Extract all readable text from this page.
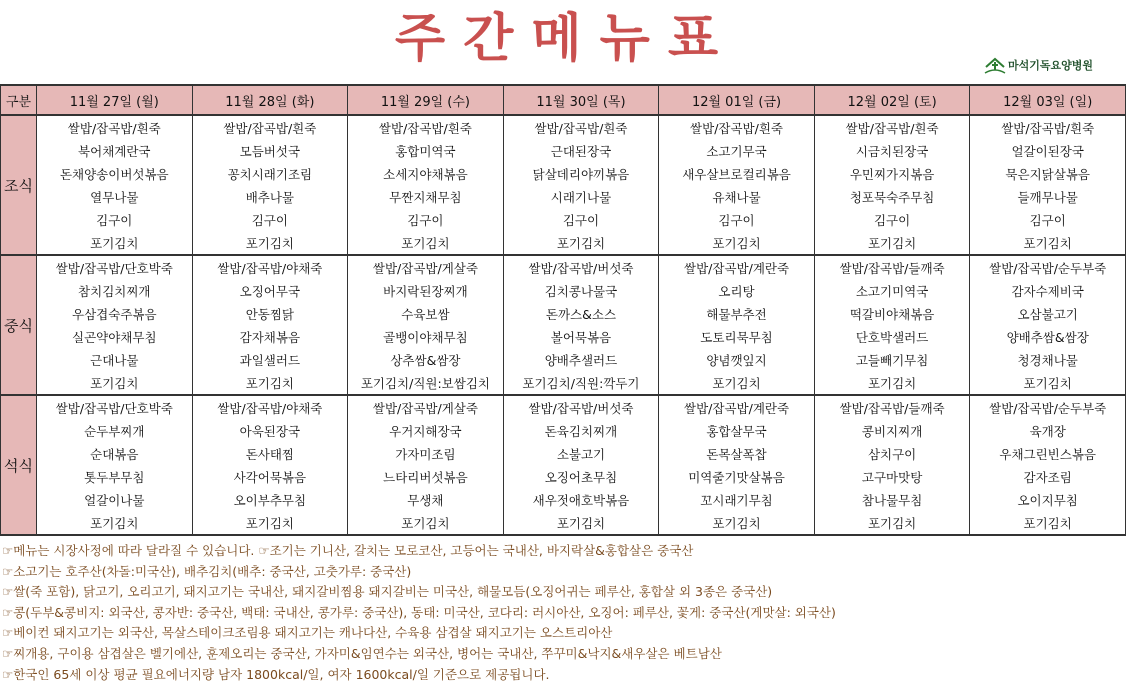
주간메뉴표	마석기독요양병원
구분	11월 27일 (월)	11월 28일 (화)	11월 29일 (수)	11월 30일 (목)	12월 01일 (금)	12월 02일 (토)	12월 03일 (일)
조식	쌀밥/잡곡밥/흰죽	쌀밥/잡곡밥/흰죽	쌀밥/잡곡밥/흰죽	쌀밥/잡곡밥/흰죽	쌀밥/잡곡밥/흰죽	쌀밥/잡곡밥/흰죽	쌀밥/잡곡밥/흰죽
	북어채계란국	모듬버섯국	홍합미역국	근대된장국	소고기무국	시금치된장국	얼갈이된장국
	돈채양송이버섯볶음	꽁치시래기조림	소세지야채볶음	닭살데리야끼볶음	새우살브로컬리볶음	우민찌가지볶음	묵은지닭살볶음
	열무나물	배추나물	무짠지채무침	시래기나물	유채나물	청포묵숙주무침	들깨무나물
	김구이	김구이	김구이	김구이	김구이	김구이	김구이
	포기김치	포기김치	포기김치	포기김치	포기김치	포기김치	포기김치
중식	쌀밥/잡곡밥/단호박죽	쌀밥/잡곡밥/야채죽	쌀밥/잡곡밥/게살죽	쌀밥/잡곡밥/버섯죽	쌀밥/잡곡밥/계란죽	쌀밥/잡곡밥/들깨죽	쌀밥/잡곡밥/순두부죽
	참치김치찌개	오징어무국	바지락된장찌개	김치콩나물국	오리탕	소고기미역국	감자수제비국
	우삼겹숙주볶음	안동찜닭	수육보쌈	돈까스&소스	해물부추전	떡갈비야채볶음	오삼불고기
	실곤약야채무침	감자채볶음	골뱅이야채무침	볼어묵볶음	도토리묵무침	단호박샐러드	양배추쌈&쌈장
	근대나물	과일샐러드	상추쌈&쌈장	양배추샐러드	양념깻잎지	고들빼기무침	청경채나물
	포기김치	포기김치	포기김치/직원:보쌈김치	포기김치/직원:깍두기	포기김치	포기김치	포기김치
석식	쌀밥/잡곡밥/단호박죽	쌀밥/잡곡밥/야채죽	쌀밥/잡곡밥/게살죽	쌀밥/잡곡밥/버섯죽	쌀밥/잡곡밥/계란죽	쌀밥/잡곡밥/들깨죽	쌀밥/잡곡밥/순두부죽
	순두부찌개	아욱된장국	우거지해장국	돈육김치찌개	홍합살무국	콩비지찌개	육개장
	순대볶음	돈사태찜	가자미조림	소불고기	돈목살폭찹	삼치구이	우채그린빈스볶음
	톳두부무침	사각어묵볶음	느타리버섯볶음	오징어초무침	미역줄기맛살볶음	고구마맛탕	감자조림
	얼갈이나물	오이부추무침	무생채	새우젓애호박볶음	꼬시래기무침	참나물무침	오이지무침
	포기김치	포기김치	포기김치	포기김치	포기김치	포기김치	포기김치
☞메뉴는 시장사정에 따라 달라질 수 있습니다. ☞조기는 기니산, 갈치는 모로코산, 고등어는 국내산, 바지락살&홍합살은 중국산
☞소고기는 호주산(차돌:미국산), 배추김치(배추: 중국산, 고춧가루: 중국산)
☞쌀(죽 포함), 닭고기, 오리고기, 돼지고기는 국내산, 돼지갈비찜용 돼지갈비는 미국산, 해물모듬(오징어귀는 페루산, 홍합살 외 3종은 중국산)
☞콩(두부&콩비지: 외국산, 콩자반: 중국산, 백태: 국내산, 콩가루: 중국산), 동태: 미국산, 코다리: 러시아산, 오징어: 페루산, 꽃게: 중국산(게맛살: 외국산)
☞베이컨 돼지고기는 외국산, 목살스테이크조림용 돼지고기는 캐나다산, 수육용 삼겹살 돼지고기는 오스트리아산
☞찌개용, 구이용 삼겹살은 벨기에산, 훈제오리는 중국산, 가자미&임연수는 외국산, 병어는 국내산, 쭈꾸미&낙지&새우살은 베트남산
☞한국인 65세 이상 평균 필요에너지량 남자 1800kcal/일, 여자 1600kcal/일 기준으로 제공됩니다.
